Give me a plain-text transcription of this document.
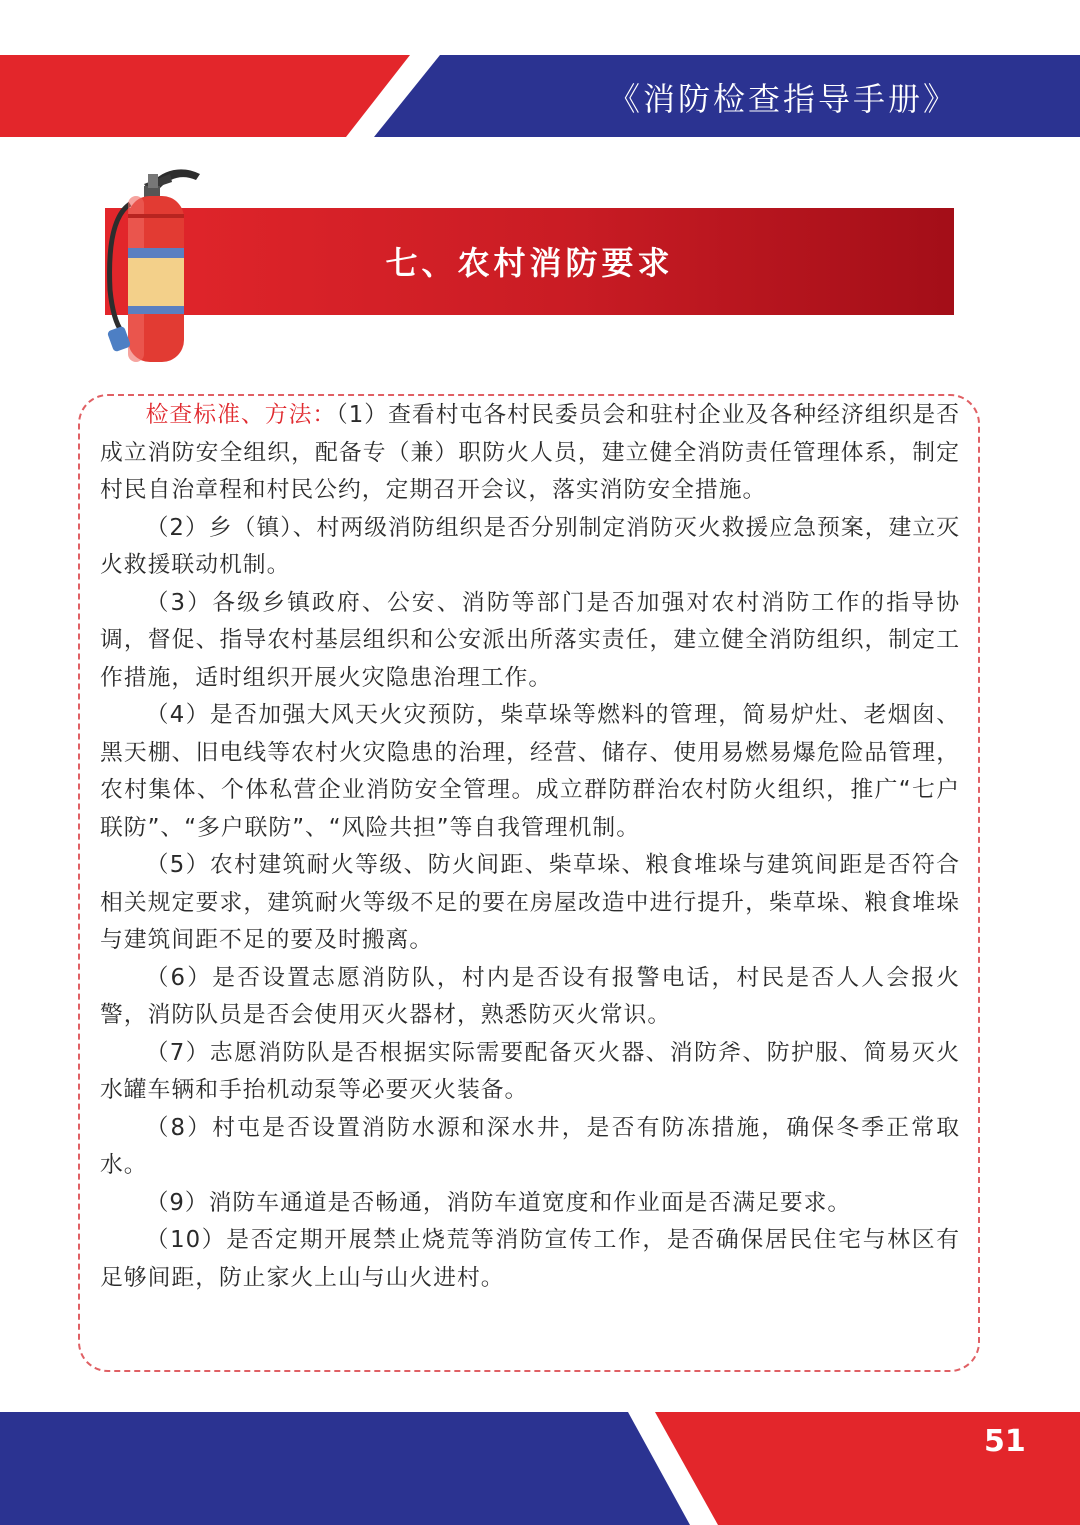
《消防检查指导手册》
七、农村消防要求

检查标准、方法：（1）查看村屯各村民委员会和驻村企业及各种经济组织是否成立消防安全组织，配备专（兼）职防火人员，建立健全消防责任管理体系，制定村民自治章程和村民公约，定期召开会议，落实消防安全措施。

（2）乡（镇）、村两级消防组织是否分别制定消防灭火救援应急预案，建立灭火救援联动机制。

（3）各级乡镇政府、公安、消防等部门是否加强对农村消防工作的指导协调，督促、指导农村基层组织和公安派出所落实责任，建立健全消防组织，制定工作措施，适时组织开展火灾隐患治理工作。

（4）是否加强大风天火灾预防，柴草垛等燃料的管理，简易炉灶、老烟囱、黑天棚、旧电线等农村火灾隐患的治理，经营、储存、使用易燃易爆危险品管理，农村集体、个体私营企业消防安全管理。成立群防群治农村防火组织，推广“七户联防”、“多户联防”、“风险共担”等自我管理机制。

（5）农村建筑耐火等级、防火间距、柴草垛、粮食堆垛与建筑间距是否符合相关规定要求，建筑耐火等级不足的要在房屋改造中进行提升，柴草垛、粮食堆垛与建筑间距不足的要及时搬离。

（6）是否设置志愿消防队，村内是否设有报警电话，村民是否人人会报火警，消防队员是否会使用灭火器材，熟悉防灭火常识。

（7）志愿消防队是否根据实际需要配备灭火器、消防斧、防护服、简易灭火水罐车辆和手抬机动泵等必要灭火装备。

（8）村屯是否设置消防水源和深水井，是否有防冻措施，确保冬季正常取水。

（9）消防车通道是否畅通，消防车道宽度和作业面是否满足要求。

（10）是否定期开展禁止烧荒等消防宣传工作，是否确保居民住宅与林区有足够间距，防止家火上山与山火进村。
